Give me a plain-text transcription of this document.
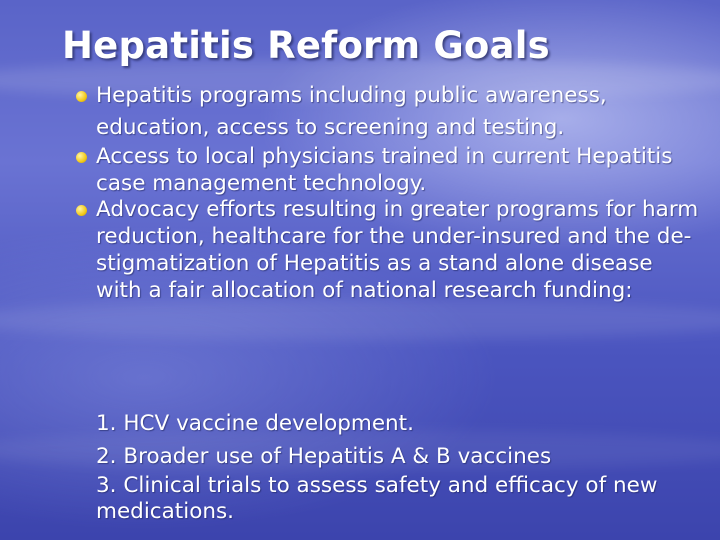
Hepatitis Reform Goals
Hepatitis programs including public awareness, education, access to screening and testing.
Access to local physicians trained in current Hepatitis case management technology.
Advocacy efforts resulting in greater programs for harm reduction, healthcare for the under-insured and the de-stigmatization of Hepatitis as a stand alone disease with a fair allocation of national research funding:
1. HCV vaccine development.
2. Broader use of Hepatitis A & B vaccines
3. Clinical trials to assess safety and efficacy of new medications.
